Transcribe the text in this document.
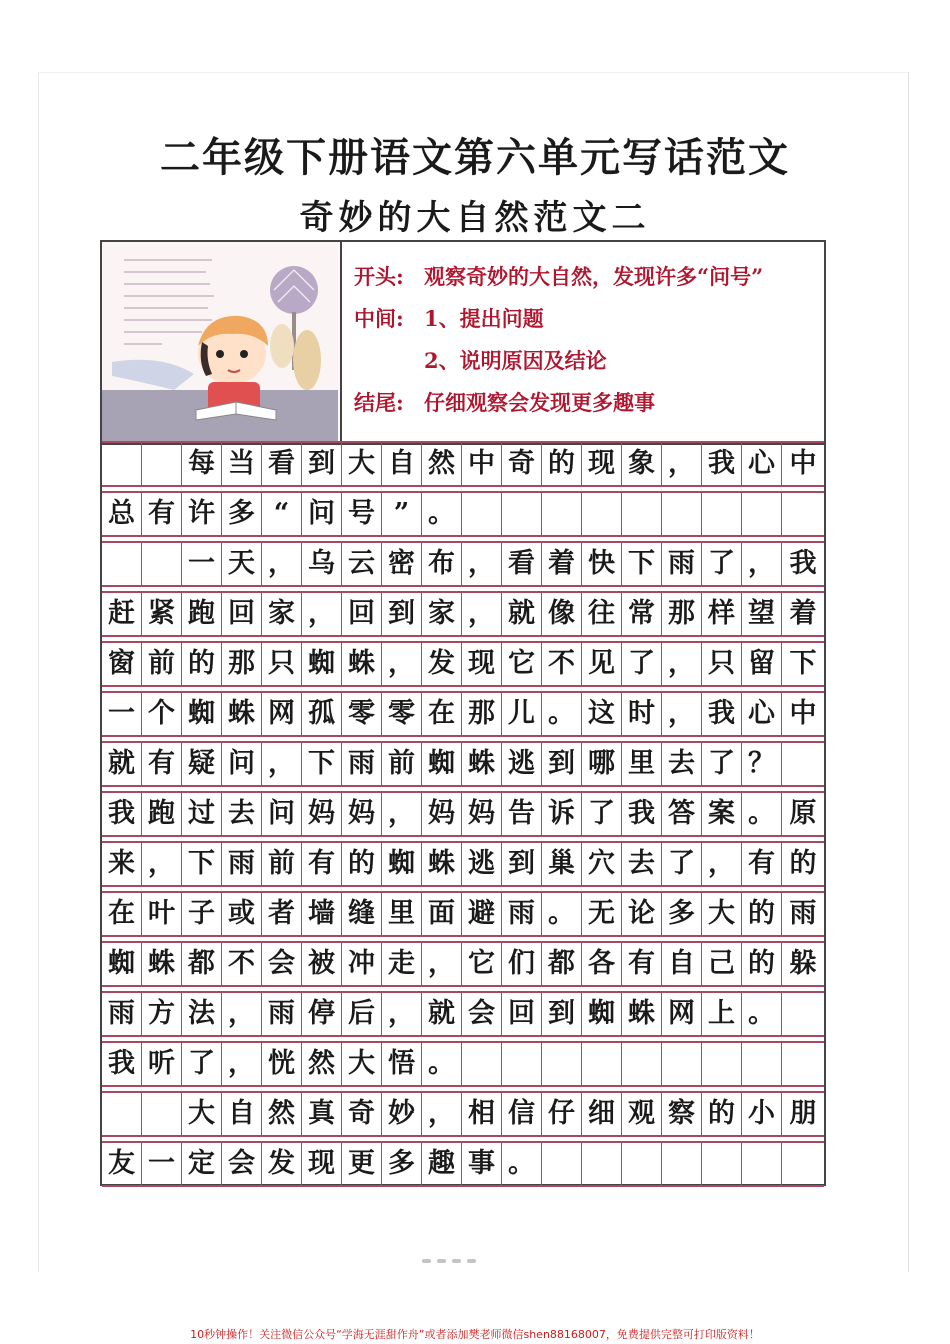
二年级下册语文第六单元写话范文
奇妙的大自然范文二
开头: 观察奇妙的大自然，发现许多“问号”
中间: 1、提出问题
2、说明原因及结论
结尾: 仔细观察会发现更多趣事
每 当 看 到 大 自 然 中 奇 的 现 象 ， 我 心 中
总 有 许 多 “ 问 号 ” 。
一 天 ， 乌 云 密 布 ， 看 着 快 下 雨 了 ， 我
赶 紧 跑 回 家 ， 回 到 家 ， 就 像 往 常 那 样 望 着
窗 前 的 那 只 蜘 蛛 ， 发 现 它 不 见 了 ， 只 留 下
一 个 蜘 蛛 网 孤 零 零 在 那 儿 。 这 时 ， 我 心 中
就 有 疑 问 ， 下 雨 前 蜘 蛛 逃 到 哪 里 去 了 ？
我 跑 过 去 问 妈 妈 ， 妈 妈 告 诉 了 我 答 案 。 原
来 ， 下 雨 前 有 的 蜘 蛛 逃 到 巢 穴 去 了 ， 有 的
在 叶 子 或 者 墙 缝 里 面 避 雨 。 无 论 多 大 的 雨
蜘 蛛 都 不 会 被 冲 走 ， 它 们 都 各 有 自 己 的 躲
雨 方 法 ， 雨 停 后 ， 就 会 回 到 蜘 蛛 网 上 。
我 听 了 ， 恍 然 大 悟 。
大 自 然 真 奇 妙 ， 相 信 仔 细 观 察 的 小 朋
友 一 定 会 发 现 更 多 趣 事 。
10秒钟操作！关注微信公众号“学海无涯甜作舟”或者添加樊老师微信shen88168007，免费提供完整可打印版资料！
